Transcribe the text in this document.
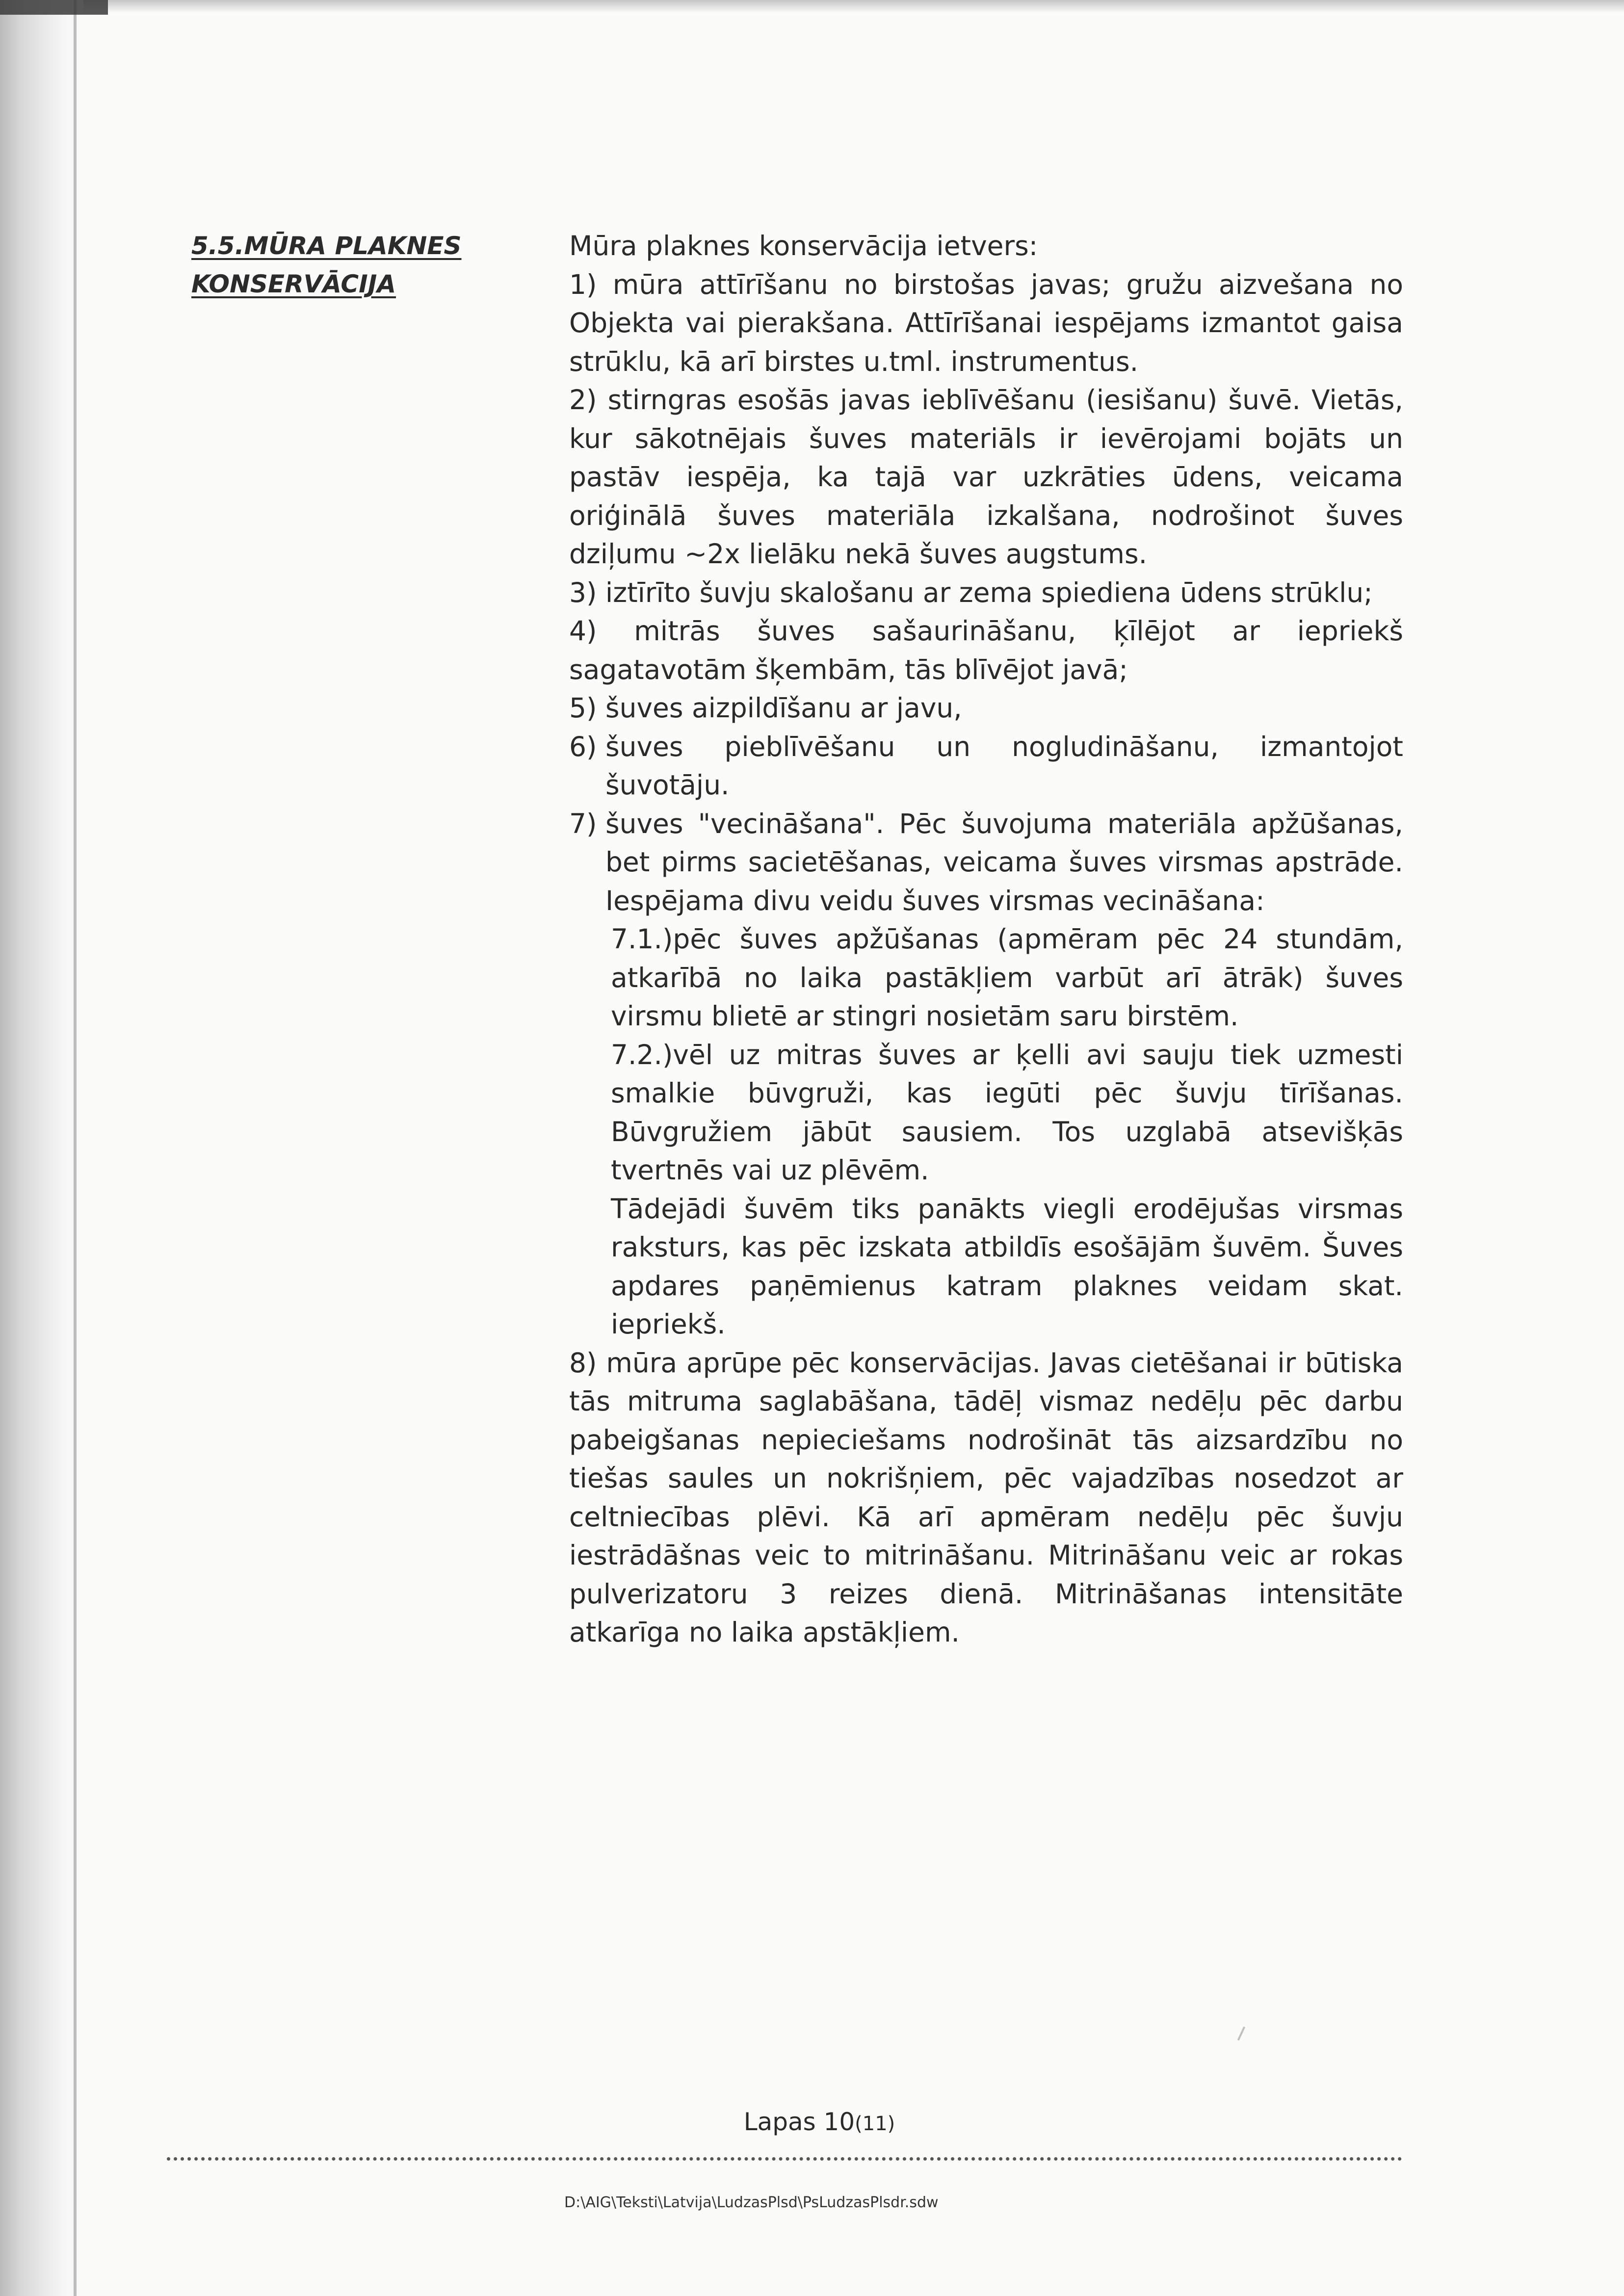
5.5.MŪRA PLAKNES
KONSERVĀCIJA

Mūra plaknes konservācija ietvers:

1) mūra attīrīšanu no birstošas javas; gružu aizvešana no Objekta vai pierakšana. Attīrīšanai iespējams izmantot gaisa strūklu, kā arī birstes u.tml. instrumentus.

2) stirngras esošās javas ieblīvēšanu (iesišanu) šuvē. Vietās, kur sākotnējais šuves materiāls ir ievērojami bojāts un pastāv iespēja, ka tajā var uzkrāties ūdens, veicama oriģinālā šuves materiāla izkalšana, nodrošinot šuves dziļumu ~2x lielāku nekā šuves augstums.

3) iztīrīto šuvju skalošanu ar zema spiediena ūdens strūklu;

4) mitrās šuves sašaurināšanu, ķīlējot ar iepriekš sagatavotām šķembām, tās blīvējot javā;

5) šuves aizpildīšanu ar javu,

6) šuves pieblīvēšanu un nogludināšanu, izmantojot šuvotāju.
7) šuves "vecināšana". Pēc šuvojuma materiāla apžūšanas, bet pirms sacietēšanas, veicama šuves virsmas apstrāde. Iespējama divu veidu šuves virsmas vecināšana:

7.1.)pēc šuves apžūšanas (apmēram pēc 24 stundām, atkarībā no laika pastākļiem varbūt arī ātrāk) šuves virsmu blietē ar stingri nosietām saru birstēm.

7.2.)vēl uz mitras šuves ar ķelli avi sauju tiek uzmesti smalkie būvgruži, kas iegūti pēc šuvju tīrīšanas. Būvgružiem jābūt sausiem. Tos uzglabā atsevišķās tvertnēs vai uz plēvēm.

Tādejādi šuvēm tiks panākts viegli erodējušas virsmas raksturs, kas pēc izskata atbildīs esošājām šuvēm. Šuves apdares paņēmienus katram plaknes veidam skat. iepriekš.

8) mūra aprūpe pēc konservācijas. Javas cietēšanai ir būtiska tās mitruma saglabāšana, tādēļ vismaz nedēļu pēc darbu pabeigšanas nepieciešams nodrošināt tās aizsardzību no tiešas saules un nokrišņiem, pēc vajadzības nosedzot ar celtniecības plēvi. Kā arī apmēram nedēļu pēc šuvju iestrādāšnas veic to mitrināšanu. Mitrināšanu veic ar rokas pulverizatoru 3 reizes dienā. Mitrināšanas intensitāte atkarīga no laika apstākļiem.

Lapas 10(11)
D:\AIG\Teksti\Latvija\LudzasPlsd\PsLudzasPlsdr.sdw
